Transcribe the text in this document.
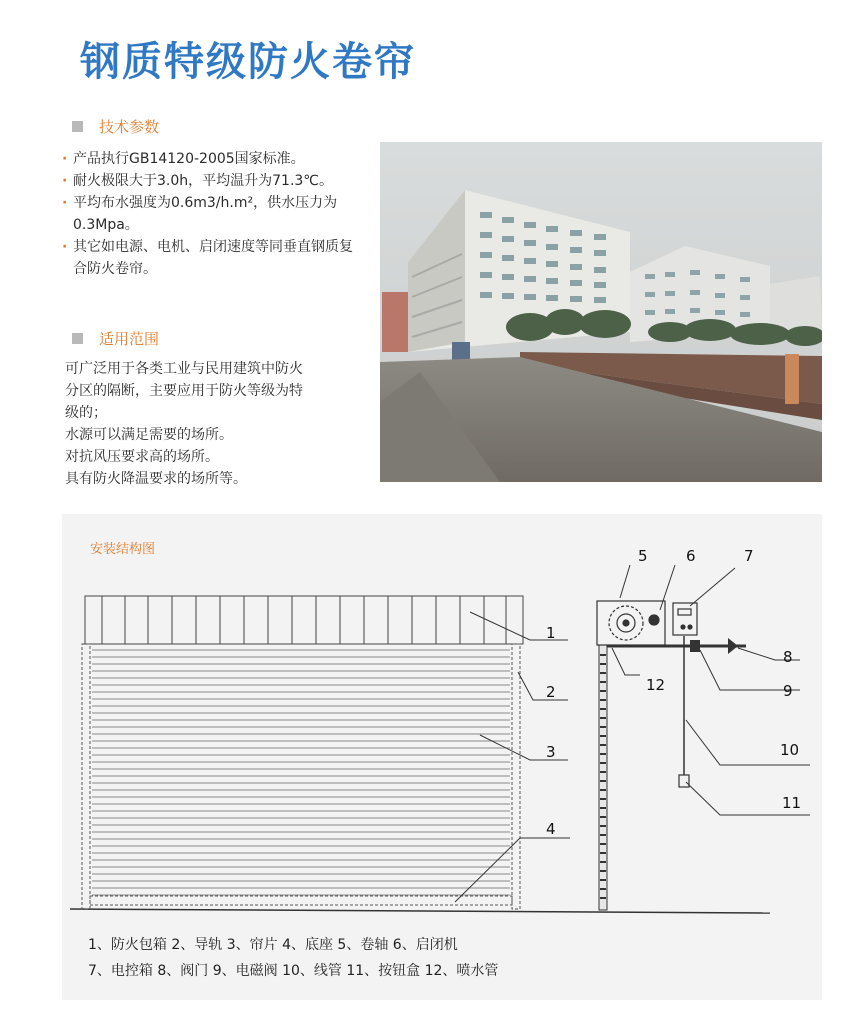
钢质特级防火卷帘
技术参数
· 产品执行GB14120-2005国家标准。
· 耐火极限大于3.0h，平均温升为71.3℃。
· 平均布水强度为0.6m3/h.m²，供水压力为0.3Mpa。
· 其它如电源、电机、启闭速度等同垂直钢质复合防火卷帘。
适用范围
可广泛用于各类工业与民用建筑中防火
分区的隔断，主要应用于防火等级为特
级的；
水源可以满足需要的场所。
对抗风压要求高的场所。
具有防火降温要求的场所等。
安装结构图
1
2
3
4
5	6	7
8
9
10
11
12
1、防火包箱 2、导轨 3、帘片 4、底座 5、卷轴 6、启闭机
7、电控箱 8、阀门 9、电磁阀 10、线管 11、按钮盒 12、喷水管
